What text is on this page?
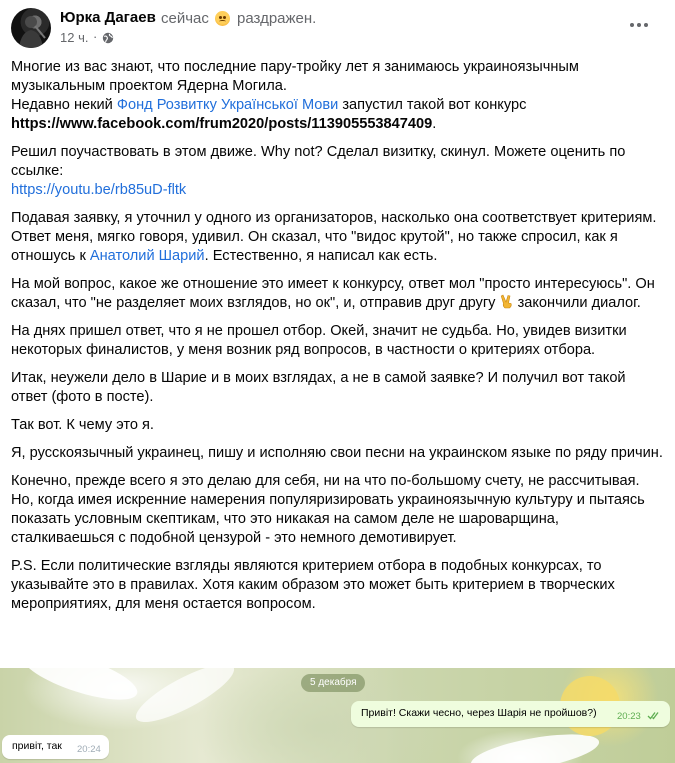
Юрка Дагаев сейчас раздражен.
12 ч. ·

Многие из вас знают, что последние пару-тройку лет я занимаюсь украиноязычным музыкальным проектом Ядерна Могила.
Недавно некий Фонд Розвитку Української Мови запустил такой вот конкурс
https://www.facebook.com/frum2020/posts/113905553847409.

Решил поучаствовать в этом движе. Why not? Сделал визитку, скинул. Можете оценить по ссылке:
https://youtu.be/rb85uD-fltk

Подавая заявку, я уточнил у одного из организаторов, насколько она соответствует критериям. Ответ меня, мягко говоря, удивил. Он сказал, что "видос крутой", но также спросил, как я отношусь к Анатолий Шарий. Естественно, я написал как есть.

На мой вопрос, какое же отношение это имеет к конкурсу, ответ мол "просто интересуюсь". Он сказал, что "не разделяет моих взглядов, но ок", и, отправив друг другу  закончили диалог.

На днях пришел ответ, что я не прошел отбор. Окей, значит не судьба. Но, увидев визитки некоторых финалистов, у меня возник ряд вопросов, в частности о критериях отбора.

Итак, неужели дело в Шарие и в моих взглядах, а не в самой заявке? И получил вот такой ответ (фото в посте).

Так вот. К чему это я.

Я, русскоязычный украинец, пишу и исполняю свои песни на украинском языке по ряду причин.

Конечно, прежде всего я это делаю для себя, ни на что по-большому счету, не рассчитывая. Но, когда имея искренние намерения популяризировать украиноязычную культуру и пытаясь показать условным скептикам, что это никакая на самом деле не шароварщина, сталкиваешься с подобной цензурой - это немного демотивирует.

P.S. Если политические взгляды являются критерием отбора в подобных конкурсах, то указывайте это в правилах. Хотя каким образом это может быть критерием в творческих мероприятиях, для меня остается вопросом.

5 декабря
Привіт! Скажи чесно, через Шарія не пройшов?) 20:23
привіт, так 20:24
